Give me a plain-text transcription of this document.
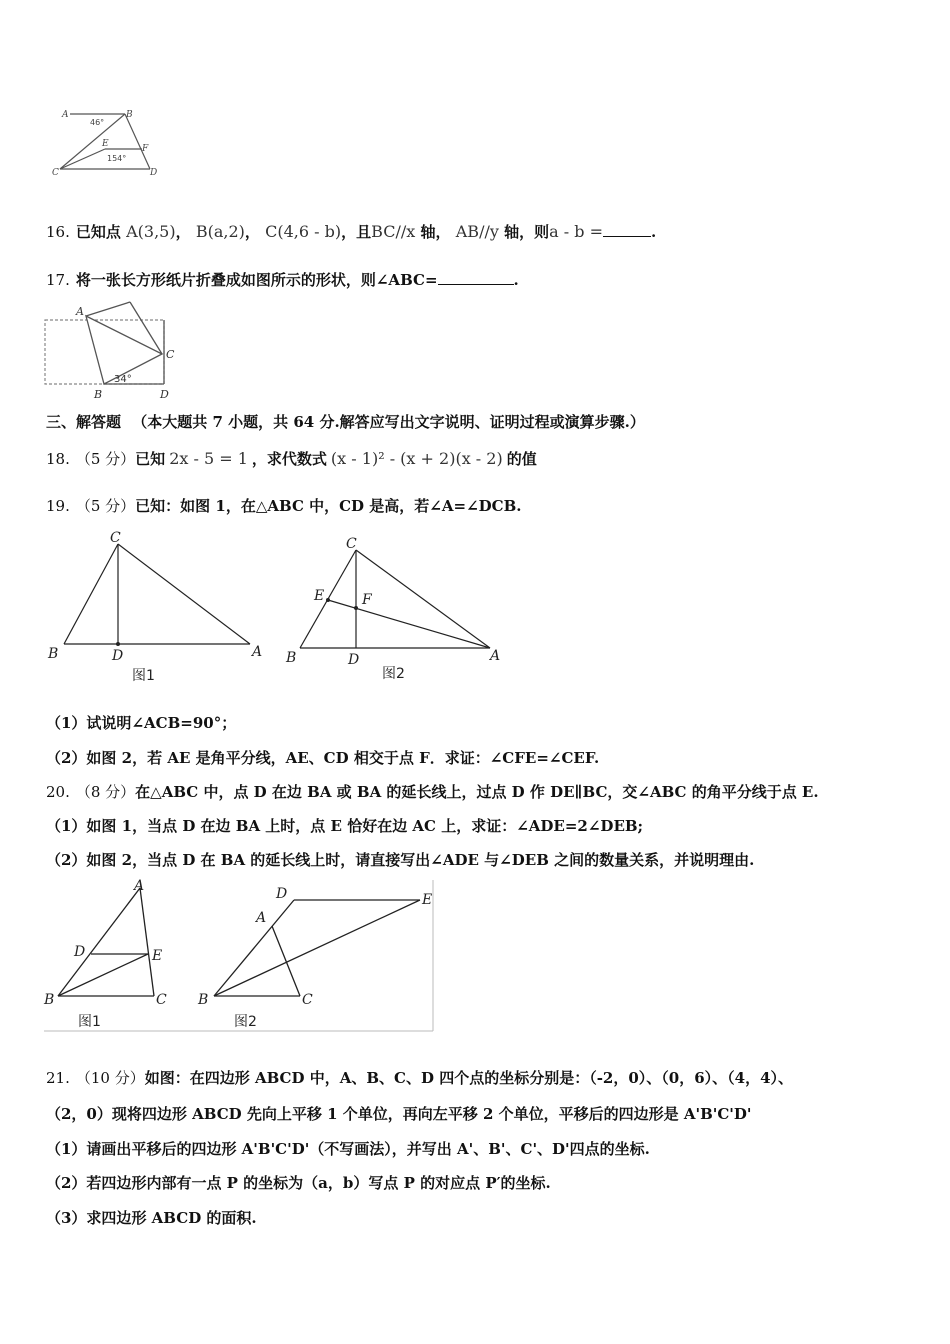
A	B
C	D
E	F
46°
154°
16. 已知点 A(3,5)， B(a,2)， C(4,6 - b)，且BC//x 轴， AB//y 轴，则a - b =	.
17. 将一张长方形纸片折叠成如图所示的形状，则∠ABC=	.
A
B
C
D
34°
三、解答题 （本大题共 7 小题，共 64 分.解答应写出文字说明、证明过程或演算步骤.）
18. （5 分）已知 2x - 5 = 1 ，求代数式 (x - 1)² - (x + 2)(x - 2) 的值
19. （5 分）已知：如图 1，在△ABC 中，CD 是高，若∠A=∠DCB.
C
B	D	A
图1
C
E	F
B	D	A
图2
（1）试说明∠ACB=90°；
（2）如图 2，若 AE 是角平分线，AE、CD 相交于点 F．求证：∠CFE=∠CEF.
20. （8 分）在△ABC 中，点 D 在边 BA 或 BA 的延长线上，过点 D 作 DE∥BC，交∠ABC 的角平分线于点 E.
（1）如图 1，当点 D 在边 BA 上时，点 E 恰好在边 AC 上，求证：∠ADE=2∠DEB;
（2）如图 2，当点 D 在 BA 的延长线上时，请直接写出∠ADE 与∠DEB 之间的数量关系，并说明理由.
A
D	E
B	C
图1
D	E
A
B	C
图2
21. （10 分）如图：在四边形 ABCD 中，A、B、C、D 四个点的坐标分别是：（-2，0）、（0，6）、（4，4）、
（2，0）现将四边形 ABCD 先向上平移 1 个单位，再向左平移 2 个单位，平移后的四边形是 A'B'C'D'
（1）请画出平移后的四边形 A'B'C'D'（不写画法），并写出 A'、B'、C'、D'四点的坐标.
（2）若四边形内部有一点 P 的坐标为（a，b）写点 P 的对应点 P′的坐标.
（3）求四边形 ABCD 的面积.
